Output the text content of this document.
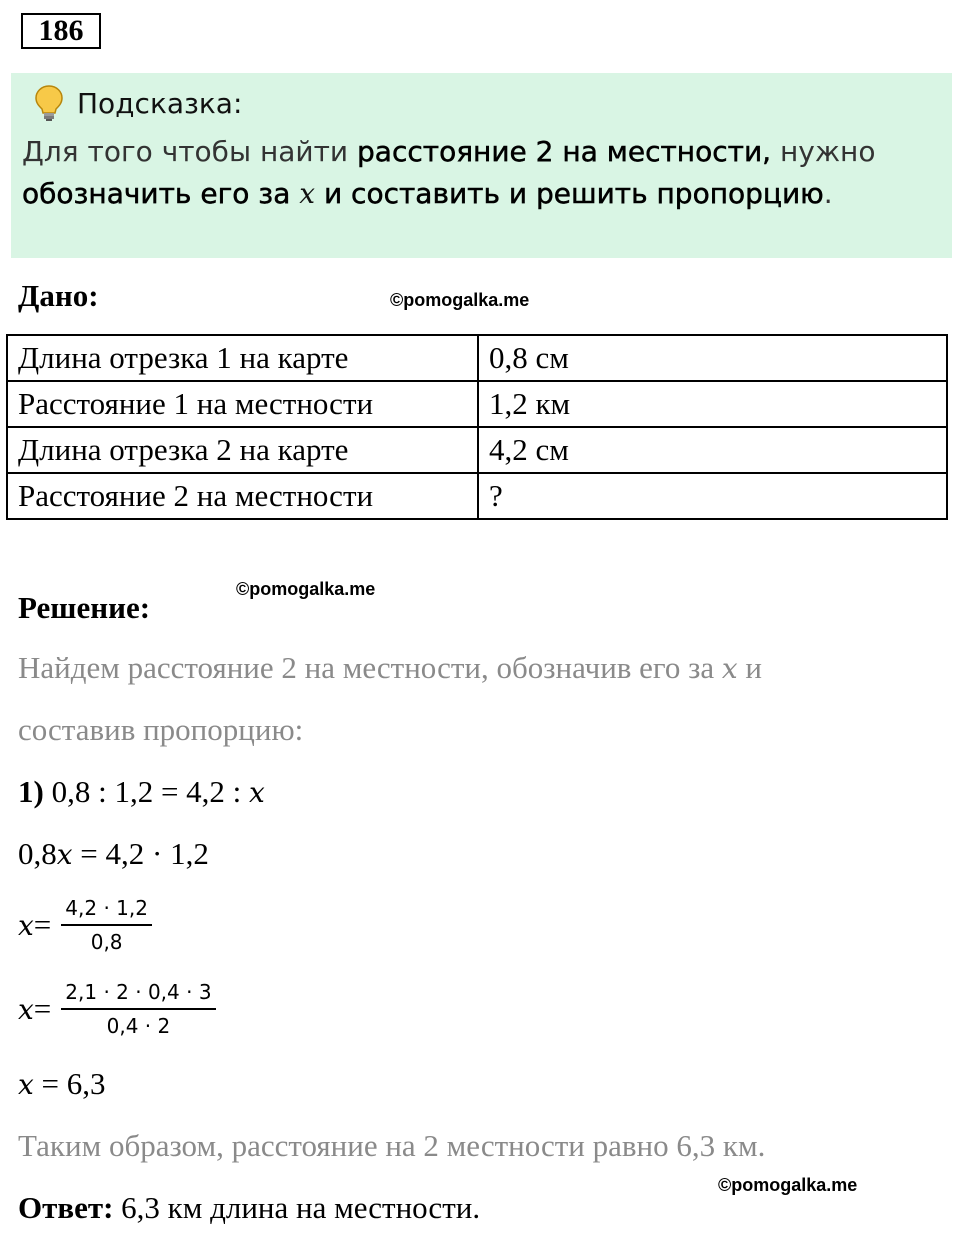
186
Подсказка:
Для того чтобы найти расстояние 2 на местности, нужно
обозначить его за x и составить и решить пропорцию.
Дано:	©pomogalka.me
Длина отрезка 1 на карте	0,8 см
Расстояние 1 на местности	1,2 км
Длина отрезка 2 на карте	4,2 см
Расстояние 2 на местности	?
©pomogalka.me
Решение:
Найдем расстояние 2 на местности, обозначив его за x и
составив пропорцию:
1) 0,8 : 1,2 = 4,2 : x
0,8x = 4,2 · 1,2
$x = \frac{4,2 \cdot 1,2}{0,8}$
$x = \frac{2,1 \cdot 2 \cdot 0,4 \cdot 3}{0,4 \cdot 2}$
x = 6,3
Таким образом, расстояние на 2 местности равно 6,3 км.
©pomogalka.me
Ответ: 6,3 км длина на местности.
